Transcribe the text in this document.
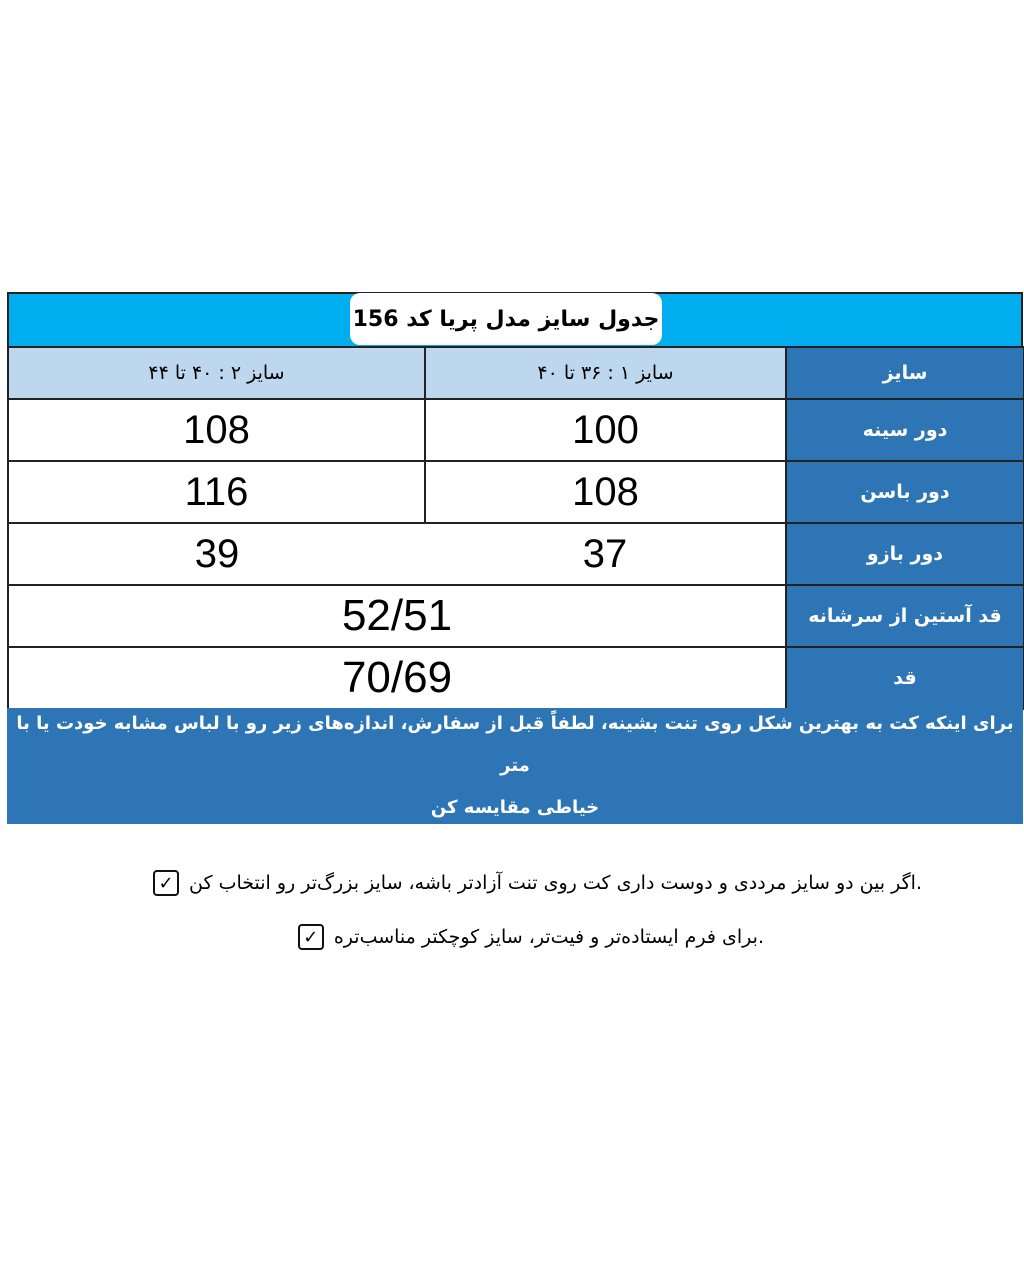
جدول سایز مدل پریا کد 156
سایز ۲ : ۴۰ تا ۴۴	سایز ۱ : ۳۶ تا ۴۰	سایز
108	100	دور سینه
116	108	دور باسن
39	37	دور بازو
52/51		قد آستین از سرشانه
70/69		قد
برای اینکه کت به بهترین شکل روی تنت بشینه، لطفاً قبل از سفارش، اندازه‌های زیر رو با لباس مشابه خودت یا با متر
خیاطی مقایسه کن
.اگر بین دو سایز مرددی و دوست داری کت روی تنت آزادتر باشه، سایز بزرگ‌تر رو انتخاب کن
✓
.برای فرم ایستاده‌تر و فیت‌تر، سایز کوچکتر مناسب‌تره
✓
